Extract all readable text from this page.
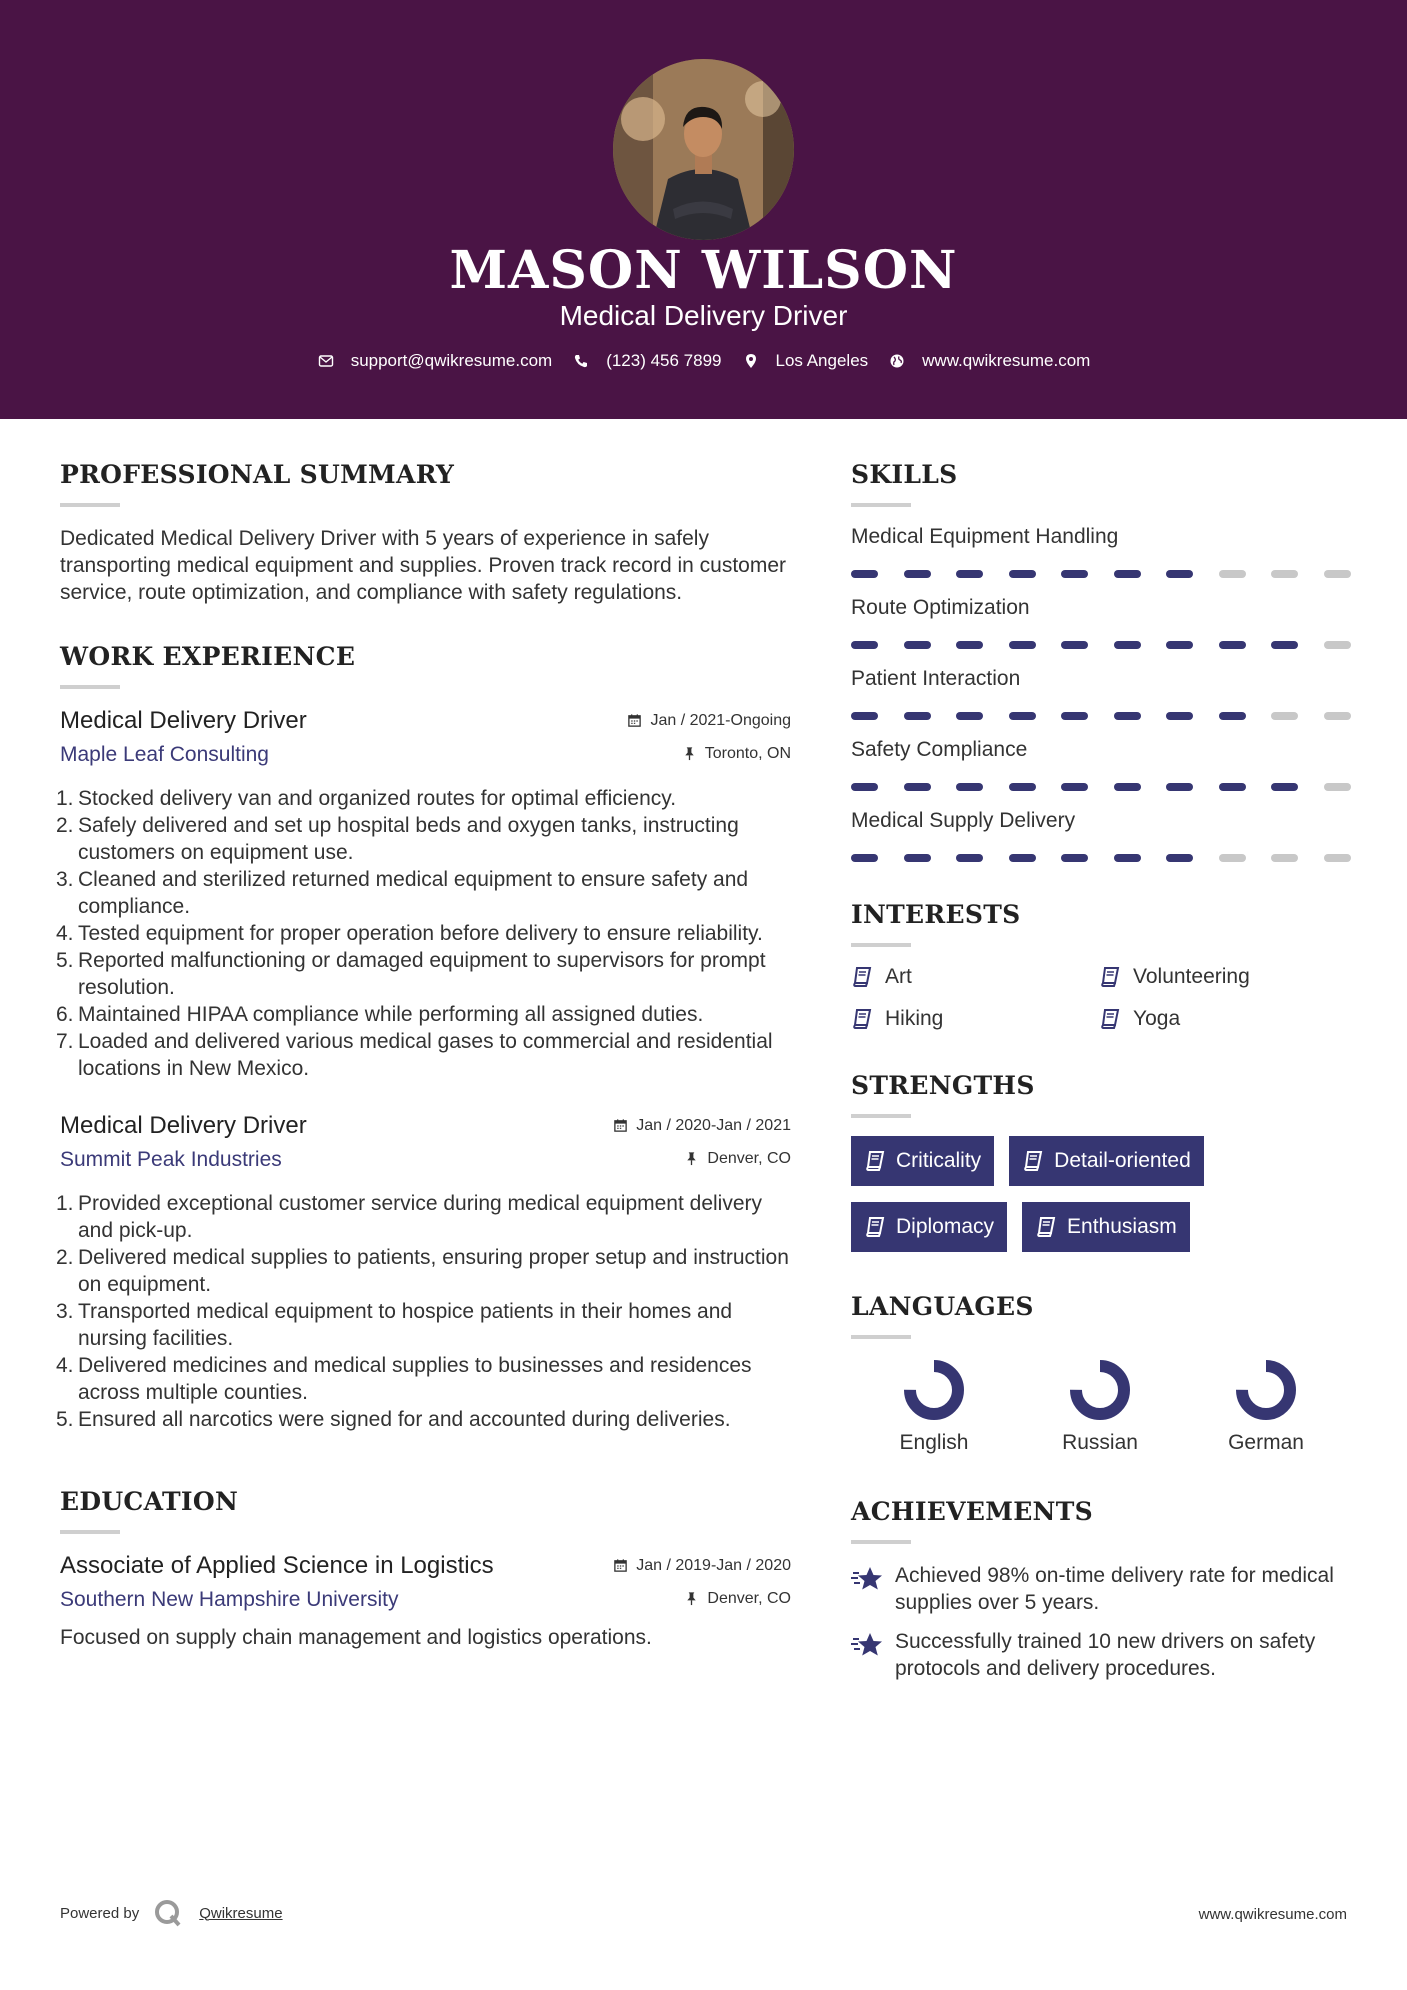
MASON WILSON
Medical Delivery Driver
support@qwikresume.com	(123) 456 7899	Los Angeles	www.qwikresume.com
PROFESSIONAL SUMMARY
Dedicated Medical Delivery Driver with 5 years of experience in safely transporting medical equipment and supplies. Proven track record in customer service, route optimization, and compliance with safety regulations.
WORK EXPERIENCE
Medical Delivery Driver	Jan / 2021-Ongoing
Maple Leaf Consulting	Toronto, ON
1. Stocked delivery van and organized routes for optimal efficiency.
2. Safely delivered and set up hospital beds and oxygen tanks, instructing customers on equipment use.
3. Cleaned and sterilized returned medical equipment to ensure safety and compliance.
4. Tested equipment for proper operation before delivery to ensure reliability.
5. Reported malfunctioning or damaged equipment to supervisors for prompt resolution.
6. Maintained HIPAA compliance while performing all assigned duties.
7. Loaded and delivered various medical gases to commercial and residential locations in New Mexico.
Medical Delivery Driver	Jan / 2020-Jan / 2021
Summit Peak Industries	Denver, CO
1. Provided exceptional customer service during medical equipment delivery and pick-up.
2. Delivered medical supplies to patients, ensuring proper setup and instruction on equipment.
3. Transported medical equipment to hospice patients in their homes and nursing facilities.
4. Delivered medicines and medical supplies to businesses and residences across multiple counties.
5. Ensured all narcotics were signed for and accounted during deliveries.
EDUCATION
Associate of Applied Science in Logistics	Jan / 2019-Jan / 2020
Southern New Hampshire University	Denver, CO
Focused on supply chain management and logistics operations.
SKILLS
Medical Equipment Handling
Route Optimization
Patient Interaction
Safety Compliance
Medical Supply Delivery
INTERESTS
Art	Volunteering
Hiking	Yoga
STRENGTHS
Criticality	Detail-oriented
Diplomacy	Enthusiasm
LANGUAGES
English	Russian	German
ACHIEVEMENTS
Achieved 98% on-time delivery rate for medical supplies over 5 years.
Successfully trained 10 new drivers on safety protocols and delivery procedures.
Powered by	Qwikresume	www.qwikresume.com
